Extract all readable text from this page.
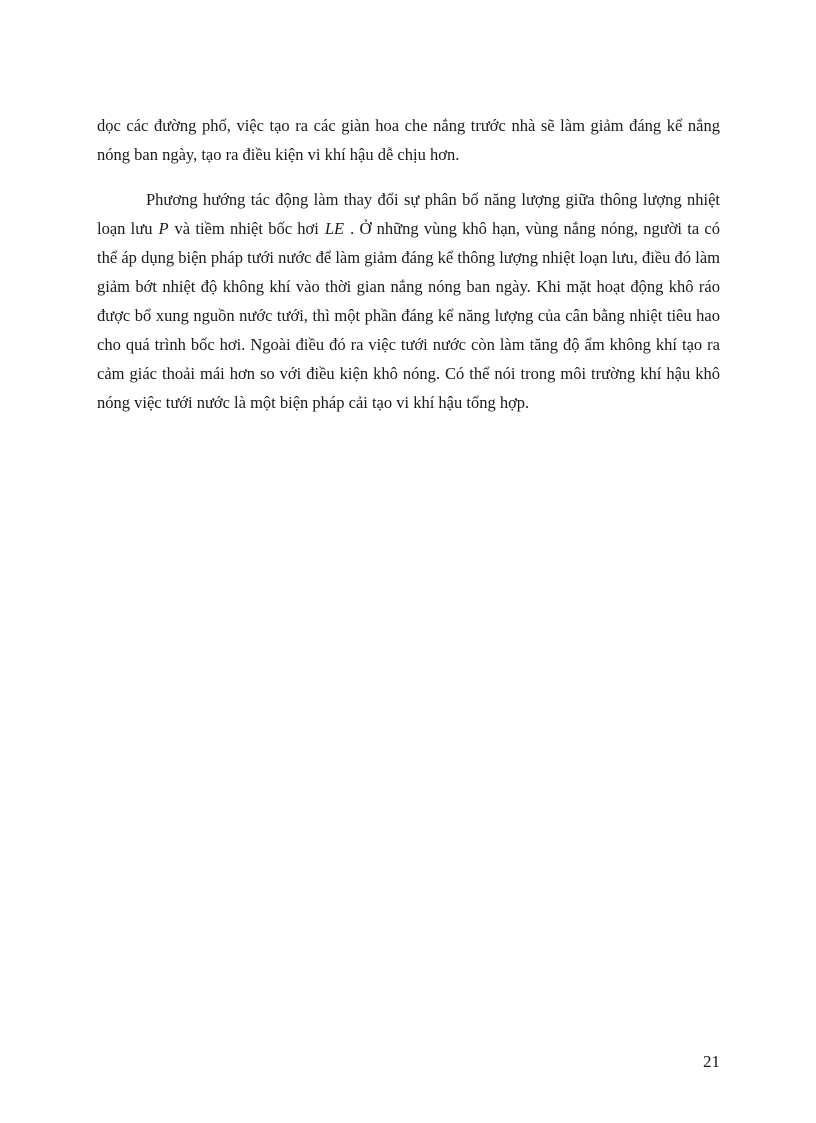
dọc các đường phố, việc tạo ra các giàn hoa che nắng trước nhà sẽ làm giảm đáng kể nắng nóng ban ngày, tạo ra điều kiện vi khí hậu dễ chịu hơn.

Phương hướng tác động làm thay đổi sự phân bố năng lượng giữa thông lượng nhiệt loạn lưu P và tiềm nhiệt bốc hơi LE . Ở những vùng khô hạn, vùng nắng nóng, người ta có thể áp dụng biện pháp tưới nước để làm giảm đáng kể thông lượng nhiệt loạn lưu, điều đó làm giảm bớt nhiệt độ không khí vào thời gian nắng nóng ban ngày. Khi mặt hoạt động khô ráo được bổ xung nguồn nước tưới, thì một phần đáng kể năng lượng của cân bằng nhiệt tiêu hao cho quá trình bốc hơi. Ngoài điều đó ra việc tưới nước còn làm tăng độ ẩm không khí tạo ra cảm giác thoải mái hơn so với điều kiện khô nóng. Có thể nói trong môi trường khí hậu khô nóng việc tưới nước là một biện pháp cải tạo vi khí hậu tổng hợp.

21
